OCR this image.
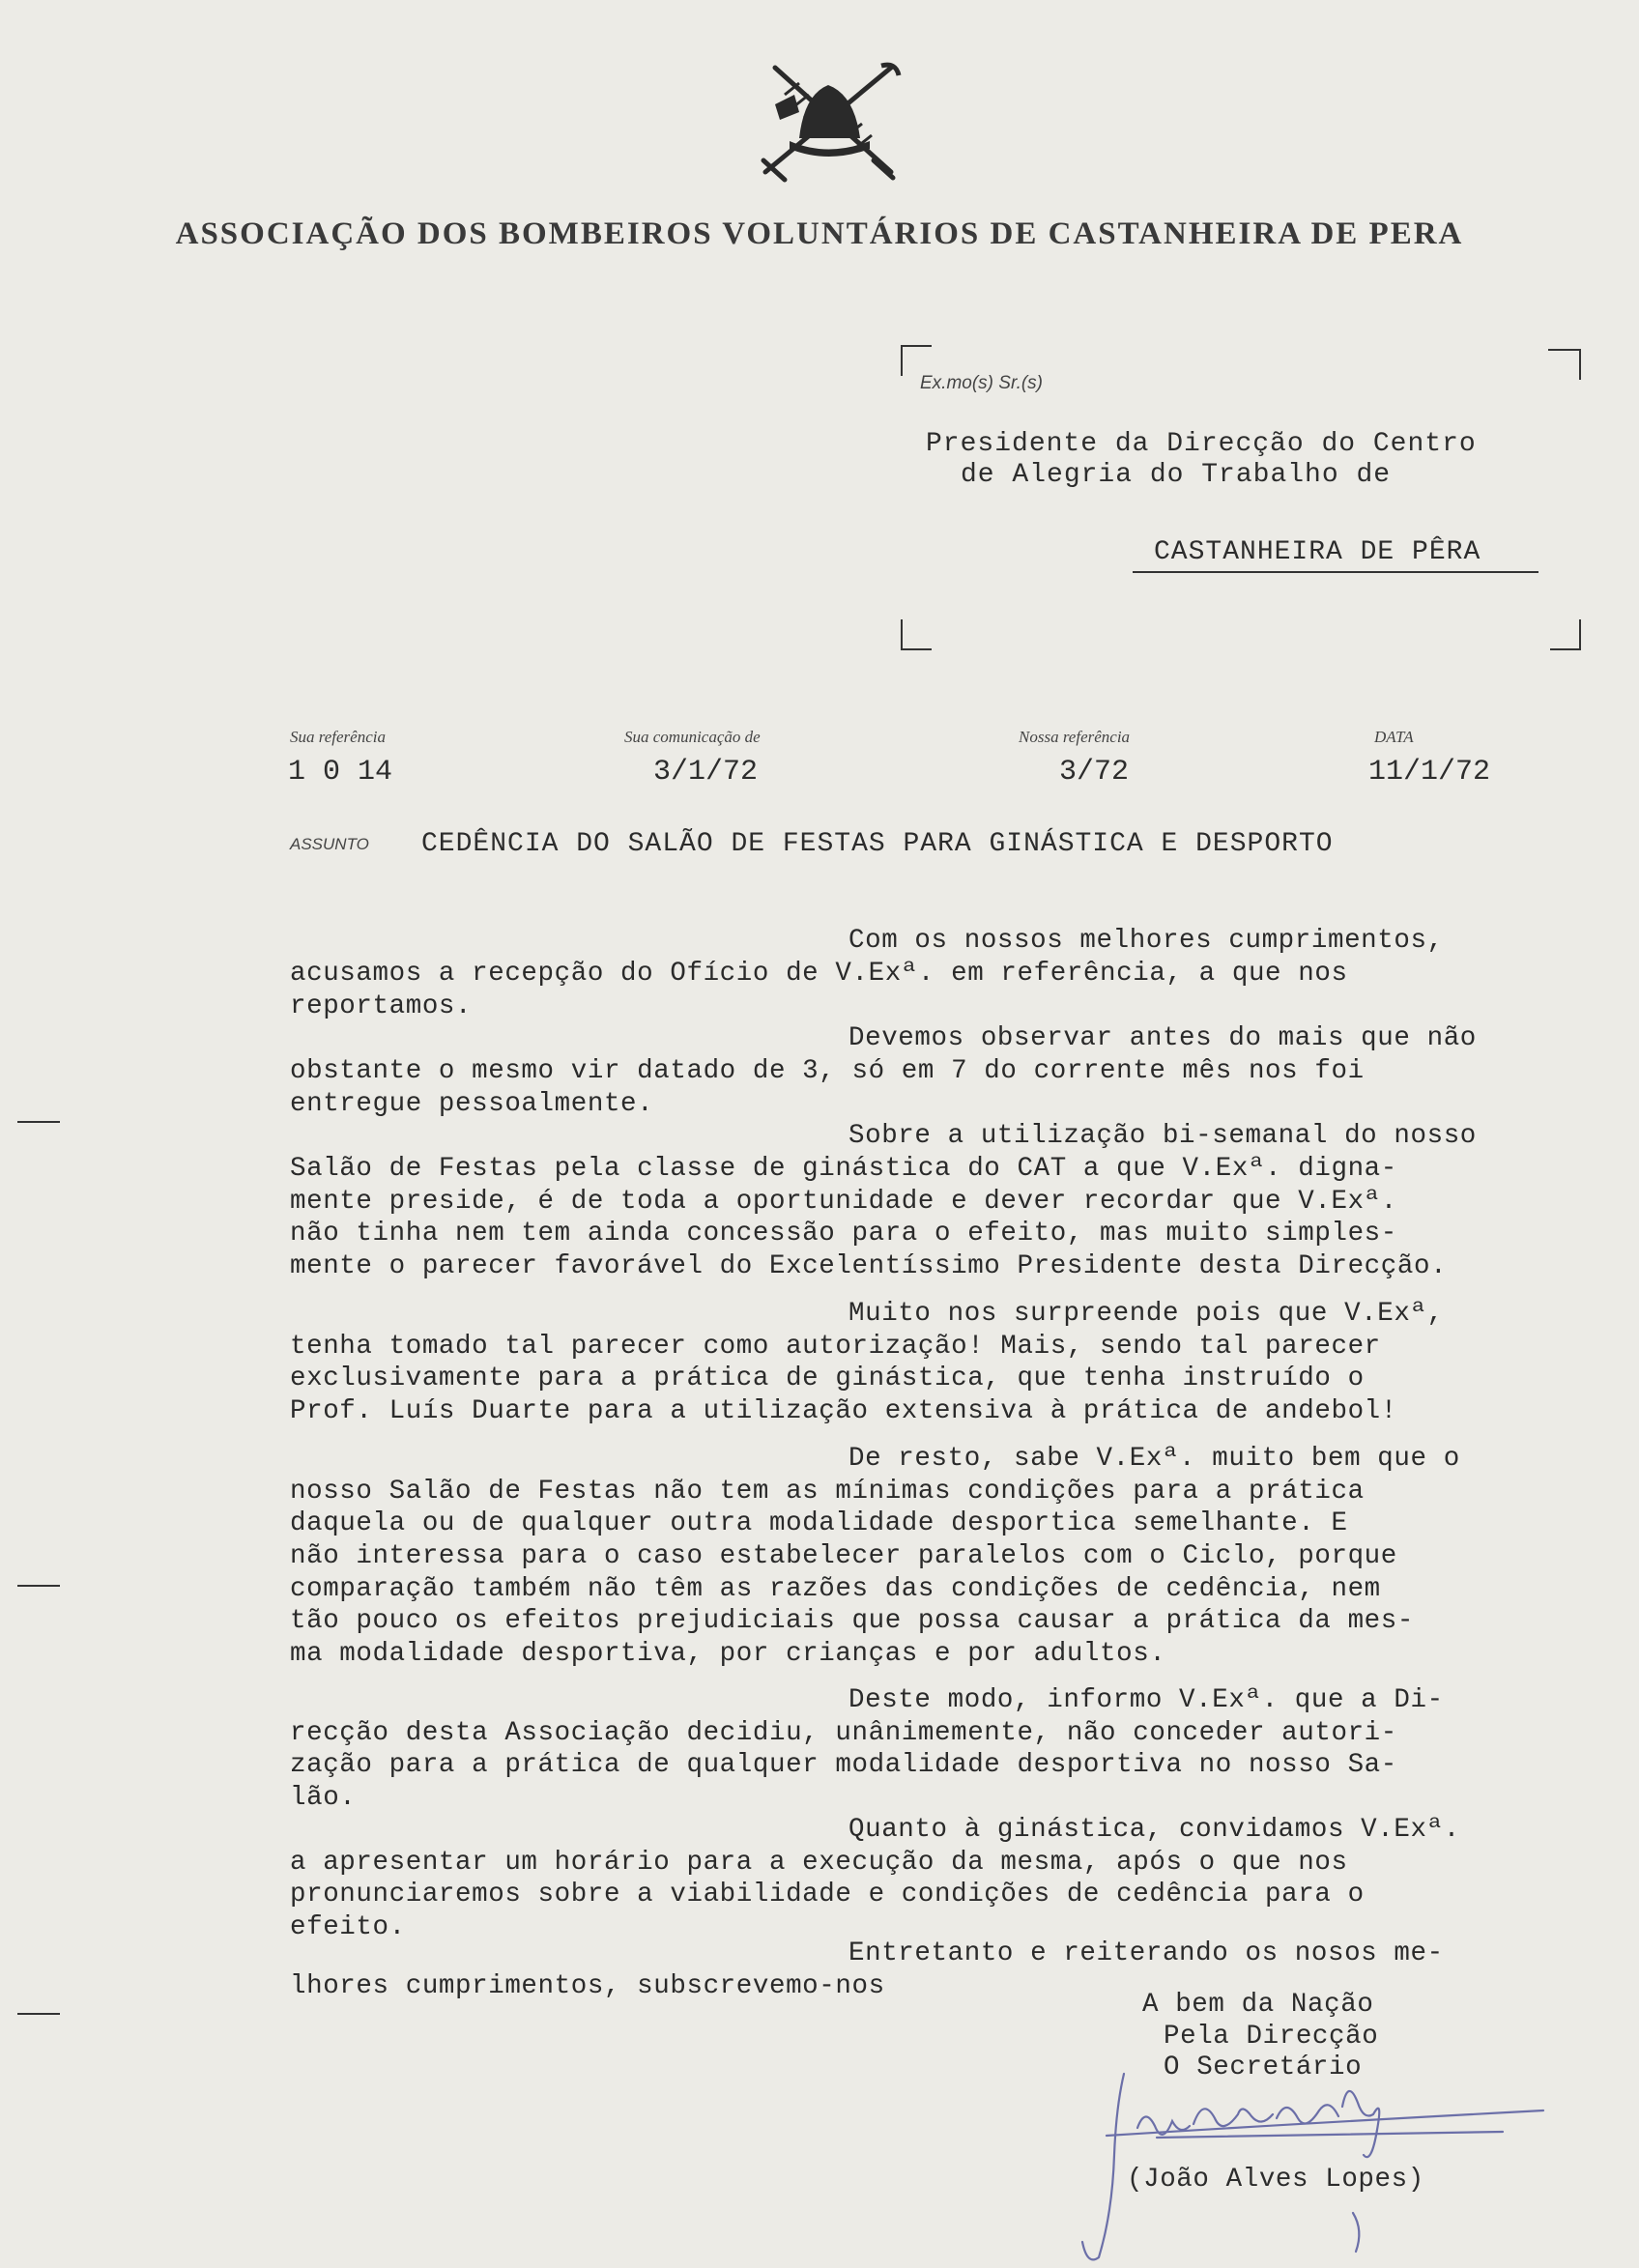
ASSOCIAÇÃO DOS BOMBEIROS VOLUNTÁRIOS DE CASTANHEIRA DE PERA
Ex.mo(s) Sr.(s)
Presidente da Direcção do Centro
de Alegria do Trabalho de
CASTANHEIRA DE PÊRA
Sua referência
1 0 14
Sua comunicação de
3/1/72
Nossa referência
3/72
DATA
11/1/72
ASSUNTO CEDÊNCIA DO SALÃO DE FESTAS PARA GINÁSTICA E DESPORTO
Com os nossos melhores cumprimentos,
acusamos a recepção do Ofício de V.Exª. em referência, a que nos
reportamos.
Devemos observar antes do mais que não
obstante o mesmo vir datado de 3, só em 7 do corrente mês nos foi
entregue pessoalmente.
Sobre a utilização bi-semanal do nosso
Salão de Festas pela classe de ginástica do CAT a que V.Exª. digna-
mente preside, é de toda a oportunidade e dever recordar que V.Exª.
não tinha nem tem ainda concessão para o efeito, mas muito simples-
mente o parecer favorável do Excelentíssimo Presidente desta Direcção.
Muito nos surpreende pois que V.Exª,
tenha tomado tal parecer como autorização! Mais, sendo tal parecer
exclusivamente para a prática de ginástica, que tenha instruído o
Prof. Luís Duarte para a utilização extensiva à prática de andebol!
De resto, sabe V.Exª. muito bem que o
nosso Salão de Festas não tem as mínimas condições para a prática
daquela ou de qualquer outra modalidade desportica semelhante. E
não interessa para o caso estabelecer paralelos com o Ciclo, porque
comparação também não têm as razões das condições de cedência, nem
tão pouco os efeitos prejudiciais que possa causar a prática da mes-
ma modalidade desportiva, por crianças e por adultos.
Deste modo, informo V.Exª. que a Di-
recção desta Associação decidiu, unânimemente, não conceder autori-
zação para a prática de qualquer modalidade desportiva no nosso Sa-
lão.
Quanto à ginástica, convidamos V.Exª.
a apresentar um horário para a execução da mesma, após o que nos
pronunciaremos sobre a viabilidade e condições de cedência para o
efeito.
Entretanto e reiterando os nosos me-
lhores cumprimentos, subscrevemo-nos
A bem da Nação
Pela Direcção
O Secretário
(João Alves Lopes)
